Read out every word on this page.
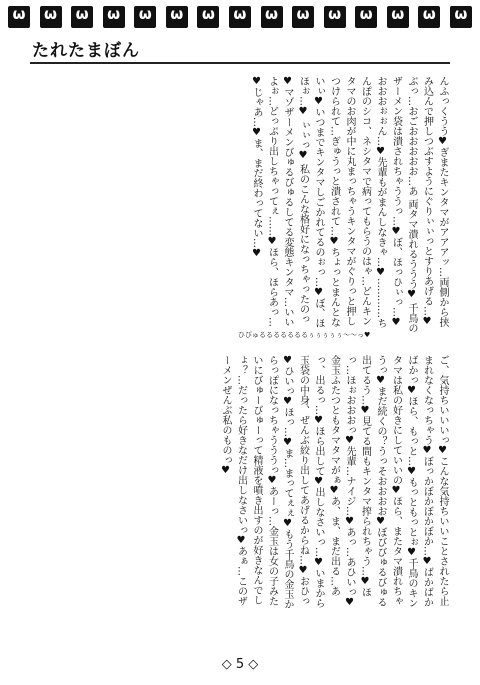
ω
ω
ω
ω
ω
ω
ω
ω
ω
ω
ω
ω
ω
ω
ω
たれたまぼん
んふっくうう♥ぎまたキンタマがアアアッ…両側から挟み込んで押しつぶすようにぐりぃぃっとすりあげる…♥ぶっ…おごおおおおお…あ 両タマ潰れるううう♥ 千鳥のザーメン袋は潰されちゃううっ…♥ぼ、ほっひぃっ…♥ おおおぉぉん…♥先輩もがまんしなきゃ…♥…………ちんぽのシコ、ネシタマで病ってもらうのはゃ…どんキンタマのお肉が中に丸まっちゃうキンタマがぐりっと押しつけられて…ぎゅうっと潰されて…♥ちょっとまんとないぃ♥いつまでキンタマしごかれてるのぉっ…♥ぼ、ほほぉ…♥ ぃぃっ♥ 私のこんな格好になっちゃったのっ♥マゾザーメンびゅるびゅるしてる変態キンタマ…いいよぉ…どっぷり出しちゃってぇ……♥ほら、ほらあっ…♥じゃあ…♥ま、まだ終わってない…♥
ご、気持ちいいいっ♥こんな気持ちいいことされたら止まれなくなっちゃう♥ぼっかぼかぼかぼか…♥ばかばかばかっ♥ほら、もっと…♥もっともっとぉ♥千鳥のキンタマは私の好きにしていいの♥ほら、またタマ潰れちゃうっ♥まだ続くの？うっそおおおお♥ぼびびゅるびゅる出てるう…♥見てる間もキンタマ搾られちゃう…♥ほっ…ほぉおおおっ♥先輩…ナイジ…♥あっ…あひいっ♥金玉ふたつともタマタマがぁ♥あ、ま、まだ出る…あっ、出るっ…♥ほら出して♥出しなさいっ…♥いまから玉袋の中身、ぜんぶ絞り出してあげるからね…♥おひっ♥ひいっ♥ほっ…♥ま…まってぇぇ♥もう千鳥の金玉からっぽになっちゃうううっ♥あーっ…金玉は女の子みたいにびゅーびゅーって精液を噴き出すのが好きなんでしょ？…だったら好きなだけ出しなさいっ♥あぁ…このザーメンぜんぶ私のものっ♥
ひびゅるるるるるるるぅぅぅぅぅ〜〜っ♥
◇ 5 ◇
